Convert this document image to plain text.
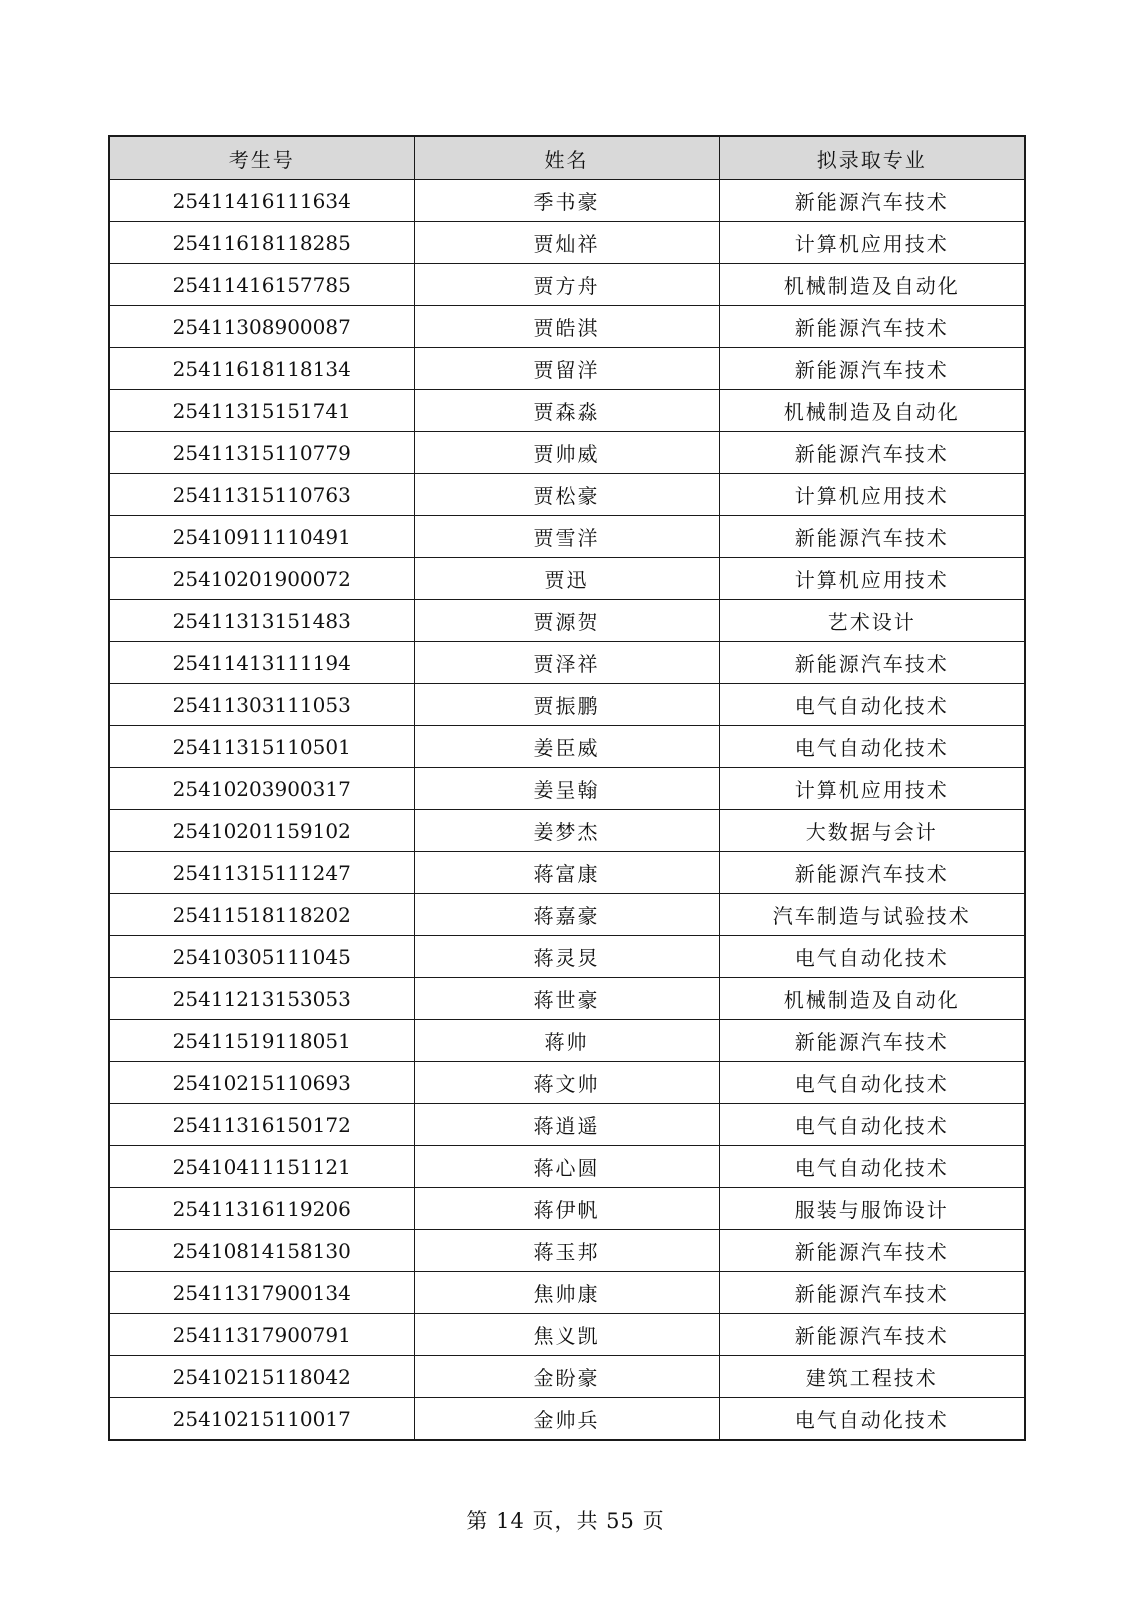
考生号	姓名	拟录取专业
25411416111634	季书豪	新能源汽车技术
25411618118285	贾灿祥	计算机应用技术
25411416157785	贾方舟	机械制造及自动化
25411308900087	贾皓淇	新能源汽车技术
25411618118134	贾留洋	新能源汽车技术
25411315151741	贾森淼	机械制造及自动化
25411315110779	贾帅威	新能源汽车技术
25411315110763	贾松豪	计算机应用技术
25410911110491	贾雪洋	新能源汽车技术
25410201900072	贾迅	计算机应用技术
25411313151483	贾源贺	艺术设计
25411413111194	贾泽祥	新能源汽车技术
25411303111053	贾振鹏	电气自动化技术
25411315110501	姜臣威	电气自动化技术
25410203900317	姜呈翰	计算机应用技术
25410201159102	姜梦杰	大数据与会计
25411315111247	蒋富康	新能源汽车技术
25411518118202	蒋嘉豪	汽车制造与试验技术
25410305111045	蒋灵炅	电气自动化技术
25411213153053	蒋世豪	机械制造及自动化
25411519118051	蒋帅	新能源汽车技术
25410215110693	蒋文帅	电气自动化技术
25411316150172	蒋逍遥	电气自动化技术
25410411151121	蒋心圆	电气自动化技术
25411316119206	蒋伊帆	服装与服饰设计
25410814158130	蒋玉邦	新能源汽车技术
25411317900134	焦帅康	新能源汽车技术
25411317900791	焦义凯	新能源汽车技术
25410215118042	金盼豪	建筑工程技术
25410215110017	金帅兵	电气自动化技术
第 14 页，共 55 页
